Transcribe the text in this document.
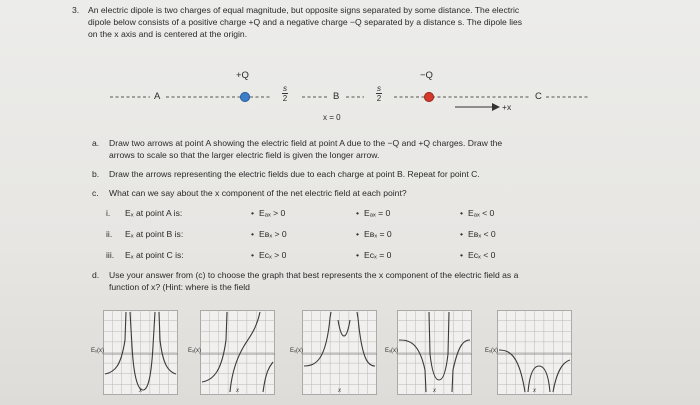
3. An electric dipole is two charges of equal magnitude, but opposite signs separated by some distance. The electric
dipole below consists of a positive charge +Q and a negative charge −Q separated by a distance s. The dipole lies
on the x axis and is centered at the origin.
+Q	−Q
A	B	C
s
2
s
2
x = 0
+x
a. Draw two arrows at point A showing the electric field at point A due to the −Q and +Q charges. Draw the
arrows to scale so that the larger electric field is given the longer arrow.
b. Draw the arrows representing the electric fields due to each charge at point B. Repeat for point C.
c. What can we say about the x component of the net electric field at each point?
i. Eₓ at point A is:	• Eₐₓ > 0	• Eₐₓ = 0	• Eₐₓ < 0
ii. Eₓ at point B is:	• Eʙₓ > 0	• Eʙₓ = 0	• Eʙₓ < 0
iii. Eₓ at point C is:	• Eᴄₓ > 0	• Eᴄₓ = 0	• Eᴄₓ < 0
d. Use your answer from (c) to choose the graph that best represents the x component of the electric field as a
function of x? (Hint: where is the field
Eₓ(x)
x
Eₓ(x)
x
Eₓ(x)
x
Eₓ(x)
x
Eₓ(x)
x
